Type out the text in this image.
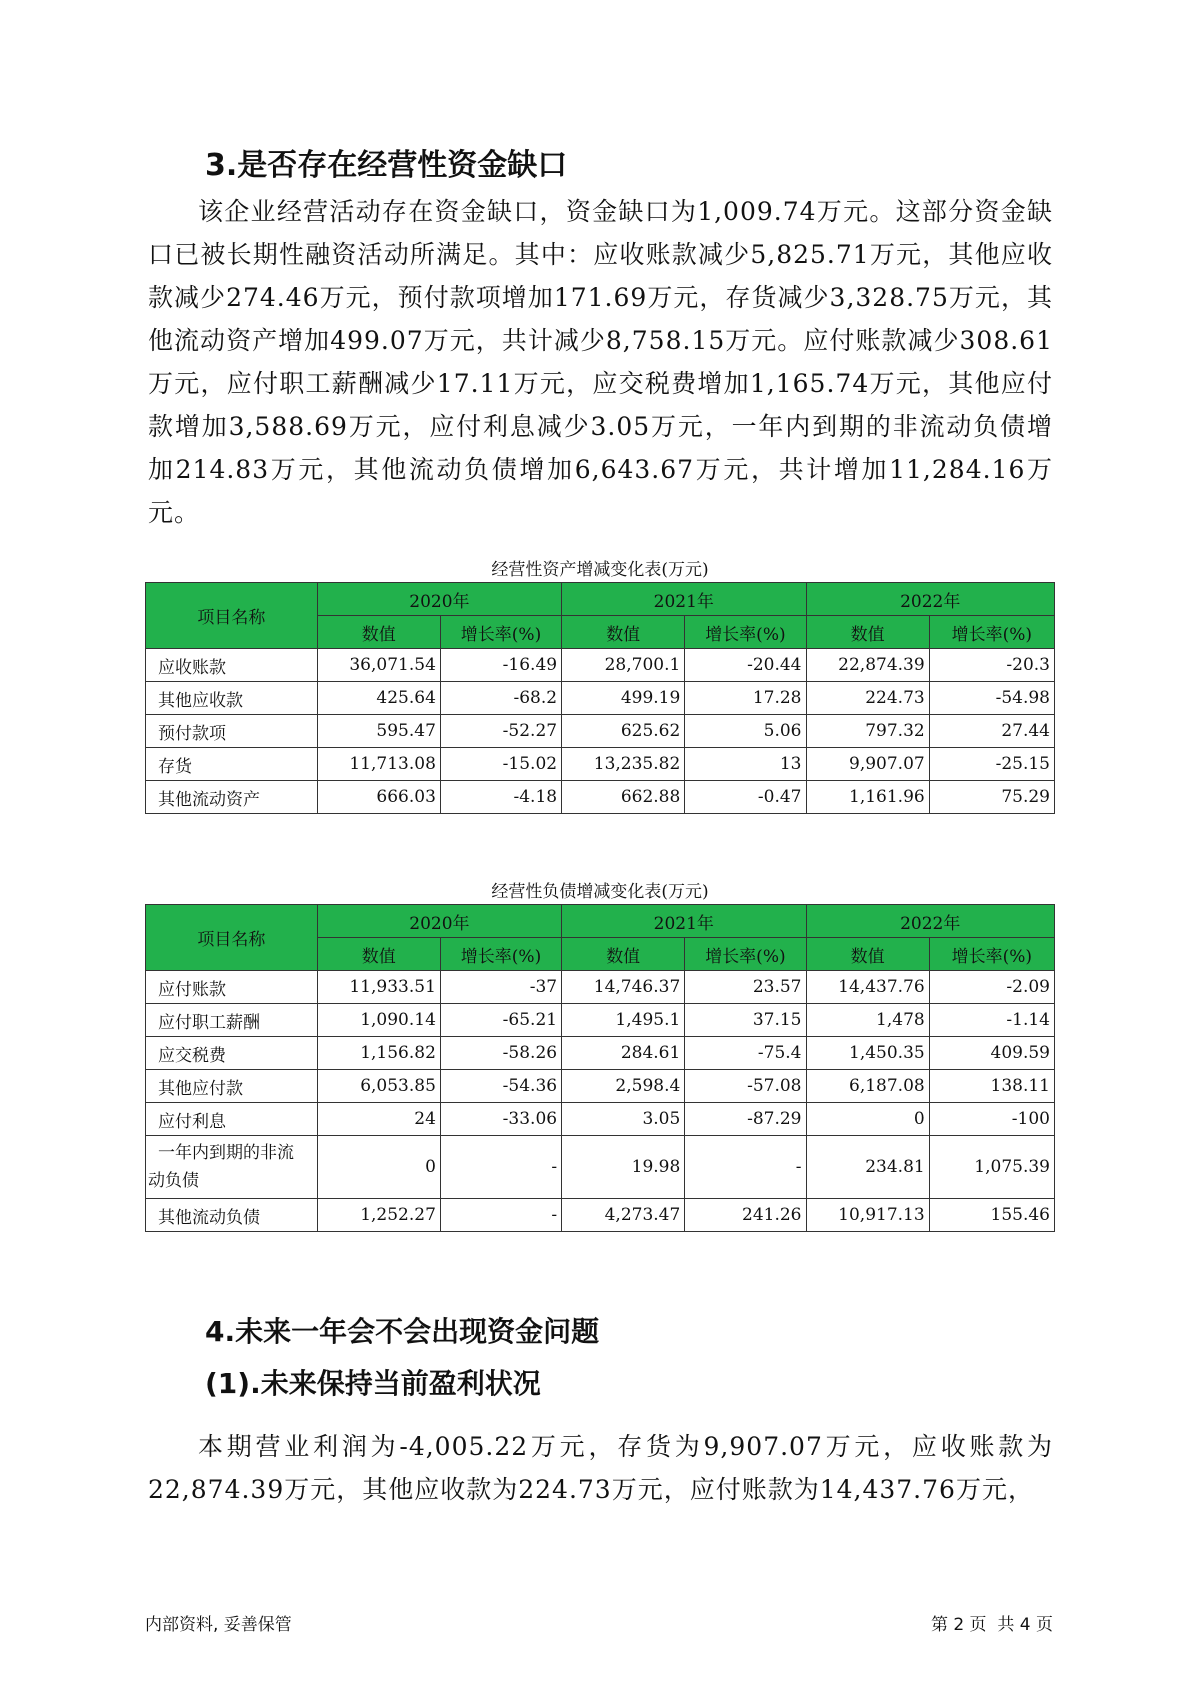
3.是否存在经营性资金缺口

该企业经营活动存在资金缺口，资金缺口为1,009.74万元。这部分资金缺口已被长期性融资活动所满足。其中：应收账款减少5,825.71万元，其他应收款减少274.46万元，预付款项增加171.69万元，存货减少3,328.75万元，其他流动资产增加499.07万元，共计减少8,758.15万元。应付账款减少308.61万元，应付职工薪酬减少17.11万元，应交税费增加1,165.74万元，其他应付款增加3,588.69万元，应付利息减少3.05万元，一年内到期的非流动负债增加214.83万元，其他流动负债增加6,643.67万元，共计增加11,284.16万元。

经营性资产增减变化表(万元)
项目名称	2020年		2021年		2022年	
	数值	增长率(%)	数值	增长率(%)	数值	增长率(%)
应收账款	36,071.54	-16.49	28,700.1	-20.44	22,874.39	-20.3
其他应收款	425.64	-68.2	499.19	17.28	224.73	-54.98
预付款项	595.47	-52.27	625.62	5.06	797.32	27.44
存货	11,713.08	-15.02	13,235.82	13	9,907.07	-25.15
其他流动资产	666.03	-4.18	662.88	-0.47	1,161.96	75.29
经营性负债增减变化表(万元)
项目名称	2020年		2021年		2022年	
	数值	增长率(%)	数值	增长率(%)	数值	增长率(%)
应付账款	11,933.51	-37	14,746.37	23.57	14,437.76	-2.09
应付职工薪酬	1,090.14	-65.21	1,495.1	37.15	1,478	-1.14
应交税费	1,156.82	-58.26	284.61	-75.4	1,450.35	409.59
其他应付款	6,053.85	-54.36	2,598.4	-57.08	6,187.08	138.11
应付利息	24	-33.06	3.05	-87.29	0	-100

一年内到期的非流
动负债	0	-	19.98	-	234.81	1,075.39
其他流动负债	1,252.27	-	4,273.47	241.26	10,917.13	155.46
4.未来一年会不会出现资金问题
(1).未来保持当前盈利状况

本期营业利润为-4,005.22万元，存货为9,907.07万元，应收账款为22,874.39万元，其他应收款为224.73万元，应付账款为14,437.76万元，

内部资料, 妥善保管	第 2 页  共 4 页
